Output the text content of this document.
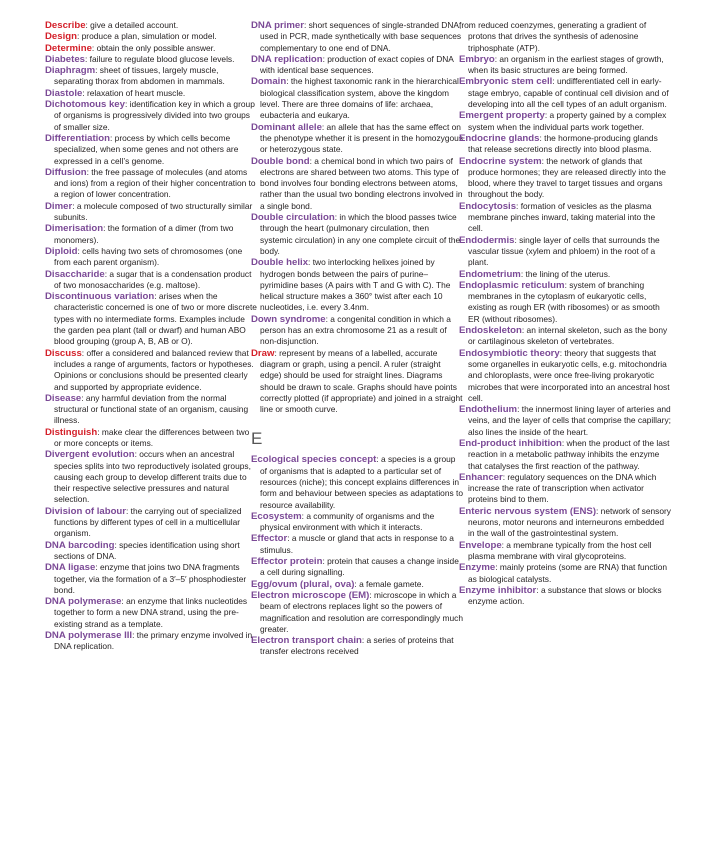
Describe: give a detailed account.

Design: produce a plan, simulation or model.

Determine: obtain the only possible answer.

Diabetes: failure to regulate blood glucose levels.

Diaphragm: sheet of tissues, largely muscle, separating thorax from abdomen in mammals.

Diastole: relaxation of heart muscle.

Dichotomous key: identification key in which a group of organisms is progressively divided into two groups of smaller size.

Differentiation: process by which cells become specialized, when some genes and not others are expressed in a cell’s genome.

Diffusion: the free passage of molecules (and atoms and ions) from a region of their higher concentration to a region of lower concentration.

Dimer: a molecule composed of two structurally similar subunits.

Dimerisation: the formation of a dimer (from two monomers).

Diploid: cells having two sets of chromosomes (one from each parent organism).

Disaccharide: a sugar that is a condensation product of two monosaccharides (e.g. maltose).

Discontinuous variation: arises when the characteristic concerned is one of two or more discrete types with no intermediate forms. Examples include the garden pea plant (tall or dwarf) and human ABO blood grouping (group A, B, AB or O).

Discuss: offer a considered and balanced review that includes a range of arguments, factors or hypotheses. Opinions or conclusions should be presented clearly and supported by appropriate evidence.

Disease: any harmful deviation from the normal structural or functional state of an organism, causing illness.

Distinguish: make clear the differences between two or more concepts or items.

Divergent evolution: occurs when an ancestral species splits into two reproductively isolated groups, causing each group to develop different traits due to their respective selective pressures and natural selection.

Division of labour: the carrying out of specialized functions by different types of cell in a multicellular organism.

DNA barcoding: species identification using short sections of DNA.

DNA ligase: enzyme that joins two DNA fragments together, via the formation of a 3′–5′ phosphodiester bond.

DNA polymerase: an enzyme that links nucleotides together to form a new DNA strand, using the pre-existing strand as a template.

DNA polymerase III: the primary enzyme involved in DNA replication.

DNA primer: short sequences of single-stranded DNA, used in PCR, made synthetically with base sequences complementary to one end of DNA.

DNA replication: production of exact copies of DNA with identical base sequences.

Domain: the highest taxonomic rank in the hierarchical biological classification system, above the kingdom level. There are three domains of life: archaea, eubacteria and eukarya.

Dominant allele: an allele that has the same effect on the phenotype whether it is present in the homozygous or heterozygous state.

Double bond: a chemical bond in which two pairs of electrons are shared between two atoms. This type of bond involves four bonding electrons between atoms, rather than the usual two bonding electrons involved in a single bond.

Double circulation: in which the blood passes twice through the heart (pulmonary circulation, then systemic circulation) in any one complete circuit of the body.

Double helix: two interlocking helixes joined by hydrogen bonds between the pairs of purine–pyrimidine bases (A pairs with T and G with C). The helical structure makes a 360° twist after each 10 nucleotides, i.e. every 3.4nm.

Down syndrome: a congenital condition in which a person has an extra chromosome 21 as a result of non-disjunction.

Draw: represent by means of a labelled, accurate diagram or graph, using a pencil. A ruler (straight edge) should be used for straight lines. Diagrams should be drawn to scale. Graphs should have points correctly plotted (if appropriate) and joined in a straight line or smooth curve.

E

Ecological species concept: a species is a group of organisms that is adapted to a particular set of resources (niche); this concept explains differences in form and behaviour between species as adaptations to resource availability.

Ecosystem: a community of organisms and the physical environment with which it interacts.

Effector: a muscle or gland that acts in response to a stimulus.

Effector protein: protein that causes a change inside a cell during signalling.

Egg/ovum (plural, ova): a female gamete.

Electron microscope (EM): microscope in which a beam of electrons replaces light so the powers of magnification and resolution are correspondingly much greater.

Electron transport chain: a series of proteins that transfer electrons received

from reduced coenzymes, generating a gradient of protons that drives the synthesis of adenosine triphosphate (ATP).

Embryo: an organism in the earliest stages of growth, when its basic structures are being formed.

Embryonic stem cell: undifferentiated cell in early-stage embryo, capable of continual cell division and of developing into all the cell types of an adult organism.

Emergent property: a property gained by a complex system when the individual parts work together.

Endocrine glands: the hormone-producing glands that release secretions directly into blood plasma.

Endocrine system: the network of glands that produce hormones; they are released directly into the blood, where they travel to target tissues and organs throughout the body.

Endocytosis: formation of vesicles as the plasma membrane pinches inward, taking material into the cell.

Endodermis: single layer of cells that surrounds the vascular tissue (xylem and phloem) in the root of a plant.

Endometrium: the lining of the uterus.

Endoplasmic reticulum: system of branching membranes in the cytoplasm of eukaryotic cells, existing as rough ER (with ribosomes) or as smooth ER (without ribosomes).

Endoskeleton: an internal skeleton, such as the bony or cartilaginous skeleton of vertebrates.

Endosymbiotic theory: theory that suggests that some organelles in eukaryotic cells, e.g. mitochondria and chloroplasts, were once free-living prokaryotic microbes that were incorporated into an ancestral host cell.

Endothelium: the innermost lining layer of arteries and veins, and the layer of cells that comprise the capillary; also lines the inside of the heart.

End-product inhibition: when the product of the last reaction in a metabolic pathway inhibits the enzyme that catalyses the first reaction of the pathway.

Enhancer: regulatory sequences on the DNA which increase the rate of transcription when activator proteins bind to them.

Enteric nervous system (ENS): network of sensory neurons, motor neurons and interneurons embedded in the wall of the gastrointestinal system.

Envelope: a membrane typically from the host cell plasma membrane with viral glycoproteins.

Enzyme: mainly proteins (some are RNA) that function as biological catalysts.

Enzyme inhibitor: a substance that slows or blocks enzyme action.
